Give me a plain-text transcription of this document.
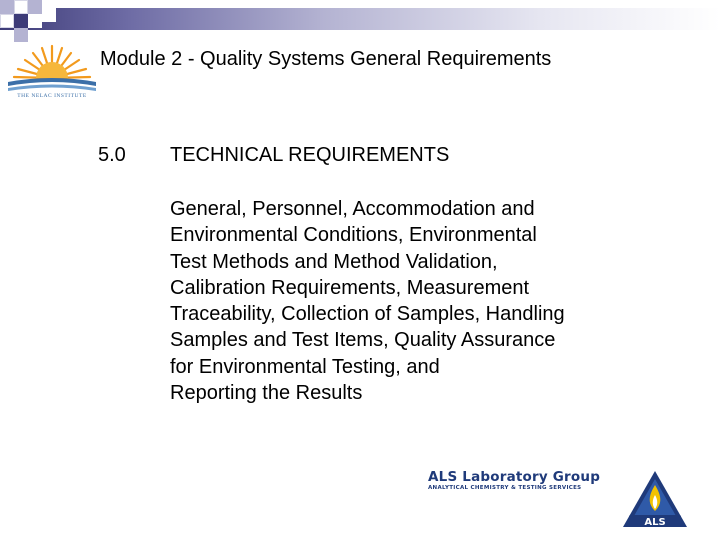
THE NELAC INSTITUTE
Module 2 - Quality Systems General Requirements
5.0 TECHNICAL REQUIREMENTS
General, Personnel, Accommodation and
Environmental Conditions, Environmental
Test Methods and Method Validation,
Calibration Requirements, Measurement
Traceability, Collection of Samples, Handling
Samples and Test Items, Quality Assurance
for Environmental Testing, and
Reporting the Results
ALS Laboratory Group
ANALYTICAL CHEMISTRY & TESTING SERVICES
ALS
